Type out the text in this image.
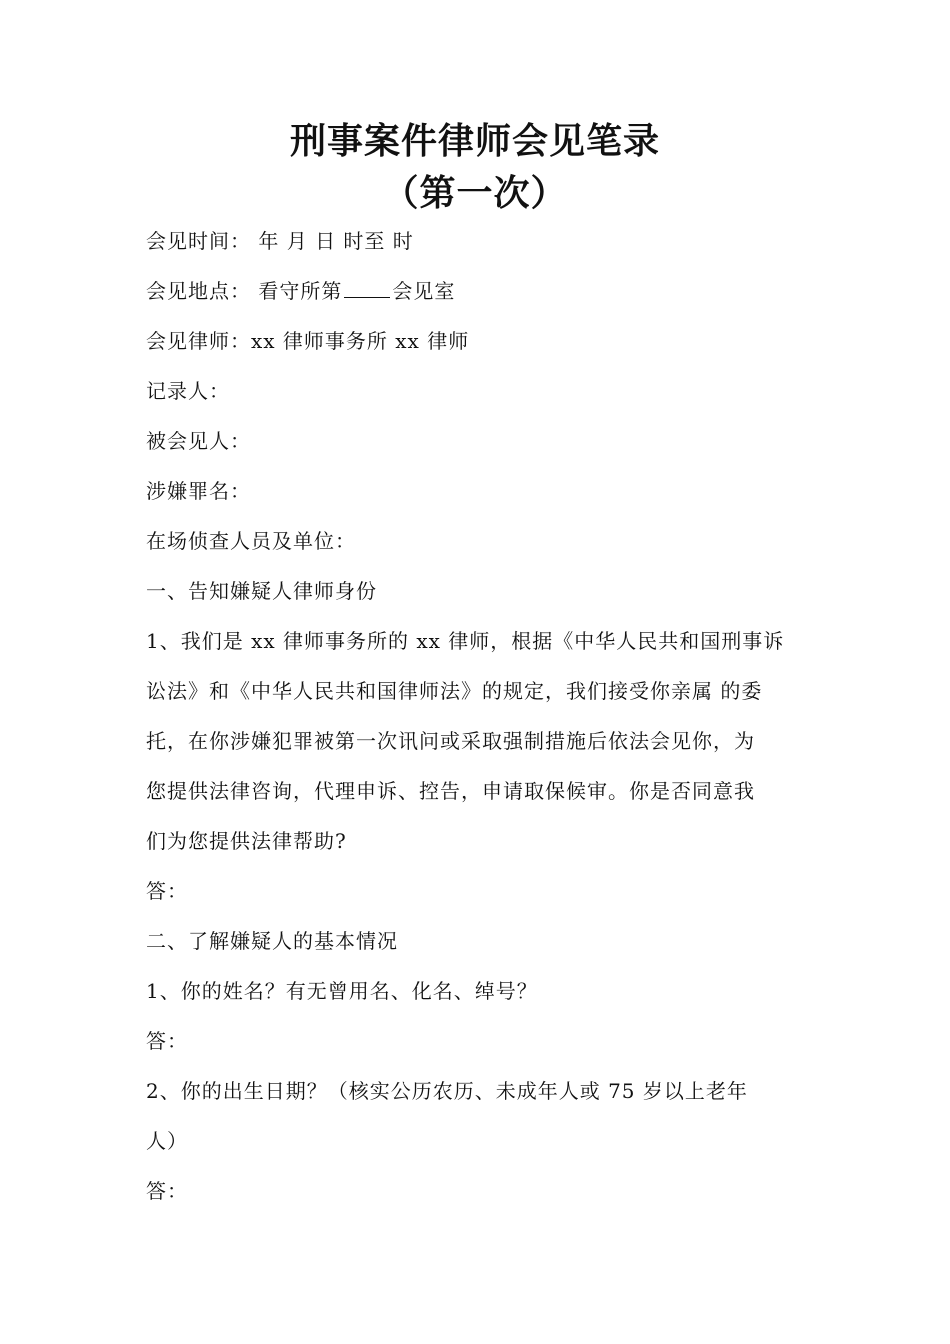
刑事案件律师会见笔录
（第一次）

会见时间： 年 月 日 时至 时

会见地点： 看守所第	会见室

会见律师：xx 律师事务所 xx 律师

记录人：

被会见人：

涉嫌罪名：

在场侦查人员及单位：

一、告知嫌疑人律师身份

1、我们是 xx 律师事务所的 xx 律师，根据《中华人民共和国刑事诉

讼法》和《中华人民共和国律师法》的规定，我们接受你亲属 的委

托，在你涉嫌犯罪被第一次讯问或采取强制措施后依法会见你，为

您提供法律咨询，代理申诉、控告，申请取保候审。你是否同意我

们为您提供法律帮助?

答：

二、了解嫌疑人的基本情况

1、你的姓名？有无曾用名、化名、绰号？

答：

2、你的出生日期？（核实公历农历、未成年人或 75 岁以上老年

人）

答：
